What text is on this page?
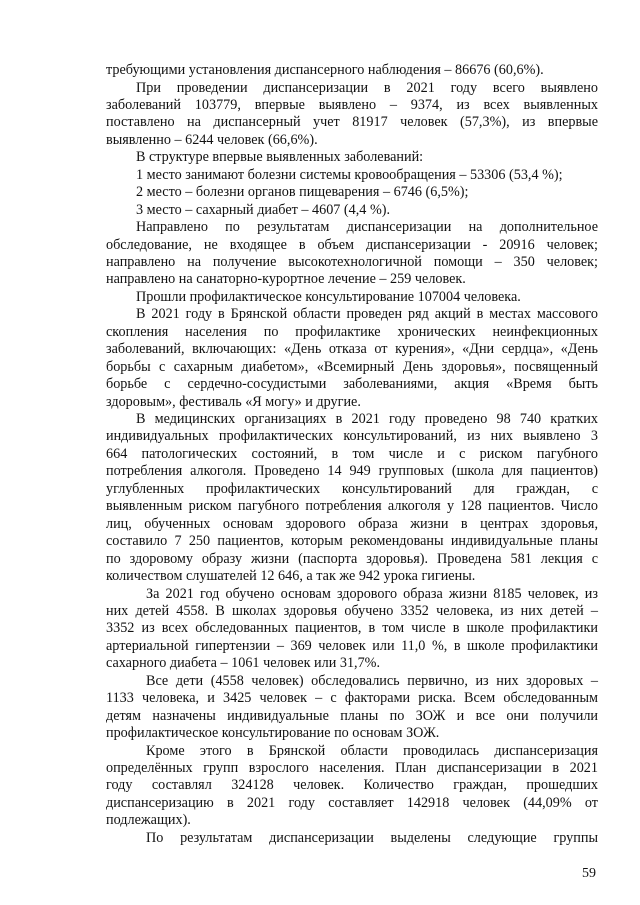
требующими установления диспансерного наблюдения – 86676 (60,6%).
При проведении диспансеризации в 2021 году всего выявлено
заболеваний 103779, впервые выявлено – 9374, из всех выявленных
поставлено на диспансерный учет 81917 человек (57,3%), из впервые
выявленно – 6244 человек (66,6%).
В структуре впервые выявленных заболеваний:
1 место занимают болезни системы кровообращения – 53306 (53,4 %);
2 место – болезни органов пищеварения – 6746 (6,5%);
3 место – сахарный диабет – 4607 (4,4 %).
Направлено по результатам диспансеризации на дополнительное
обследование, не входящее в объем диспансеризации - 20916 человек;
направлено на получение высокотехнологичной помощи – 350 человек;
направлено на санаторно-курортное лечение – 259 человек.
Прошли профилактическое консультирование 107004 человека.
В 2021 году в Брянской области проведен ряд акций в местах массового
скопления населения по профилактике хронических неинфекционных
заболеваний, включающих: «День отказа от курения», «Дни сердца», «День
борьбы с сахарным диабетом», «Всемирный День здоровья», посвященный
борьбе с сердечно-сосудистыми заболеваниями, акция «Время быть
здоровым», фестиваль «Я могу» и другие.
В медицинских организациях в 2021 году проведено 98 740 кратких
индивидуальных профилактических консультирований, из них выявлено 3
664 патологических состояний, в том числе и с риском пагубного
потребления алкоголя. Проведено 14 949 групповых (школа для пациентов)
углубленных профилактических консультирований для граждан, с
выявленным риском пагубного потребления алкоголя у 128 пациентов. Число
лиц, обученных основам здорового образа жизни в центрах здоровья,
составило 7 250 пациентов, которым рекомендованы индивидуальные планы
по здоровому образу жизни (паспорта здоровья). Проведена 581 лекция с
количеством слушателей 12 646, а так же 942 урока гигиены.
За 2021 год обучено основам здорового образа жизни 8185 человек, из
них детей 4558. В школах здоровья обучено 3352 человека, из них детей –
3352 из всех обследованных пациентов, в том числе в школе профилактики
артериальной гипертензии – 369 человек или 11,0 %, в школе профилактики
сахарного диабета – 1061 человек или 31,7%.
Все дети (4558 человек) обследовались первично, из них здоровых –
1133 человека, и 3425 человек – с факторами риска. Всем обследованным
детям назначены индивидуальные планы по ЗОЖ и все они получили
профилактическое консультирование по основам ЗОЖ.
Кроме этого в Брянской области проводилась диспансеризация
определённых групп взрослого населения. План диспансеризации в 2021
году составлял 324128 человек. Количество граждан, прошедших
диспансеризацию в 2021 году составляет 142918 человек (44,09% от
подлежащих).
По результатам диспансеризации выделены следующие группы
59
